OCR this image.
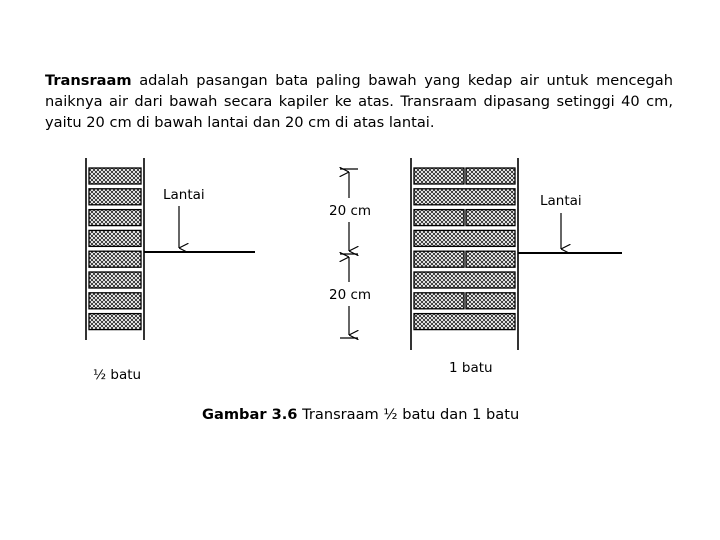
Transraam adalah pasangan bata paling bawah yang kedap air untuk mencegah naiknya air dari bawah secara kapiler ke atas. Transraam dipasang setinggi 40 cm, yaitu 20 cm di bawah lantai dan 20 cm di atas lantai.
Lantai	Lantai
20 cm
20 cm
½ batu	1 batu
Gambar 3.6 Transraam ½ batu dan 1 batu
